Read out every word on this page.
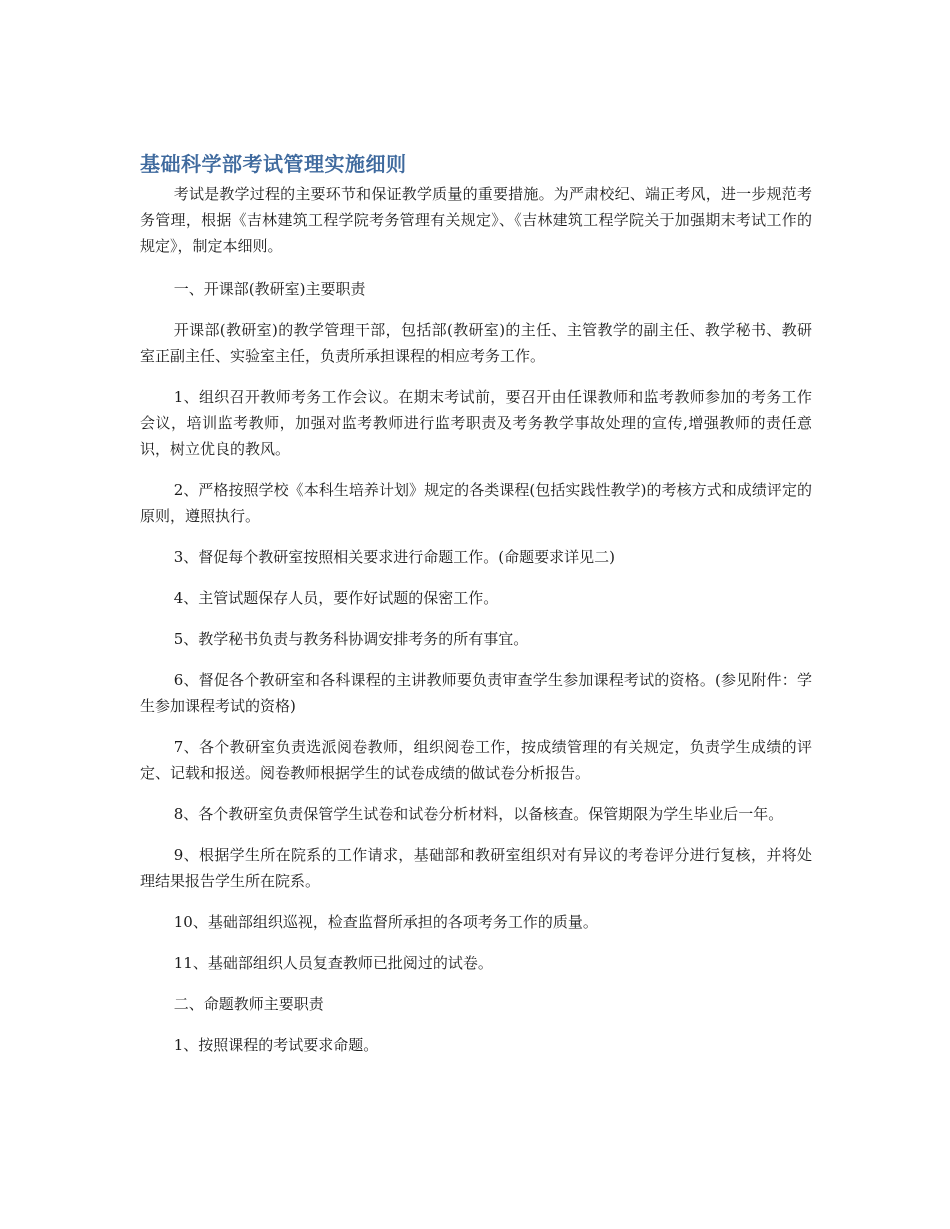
基础科学部考试管理实施细则

考试是教学过程的主要环节和保证教学质量的重要措施。为严肃校纪、端正考风，进一步规范考务管理，根据《吉林建筑工程学院考务管理有关规定》、《吉林建筑工程学院关于加强期末考试工作的规定》，制定本细则。

一、开课部(教研室)主要职责

开课部(教研室)的教学管理干部，包括部(教研室)的主任、主管教学的副主任、教学秘书、教研室正副主任、实验室主任，负责所承担课程的相应考务工作。

1、组织召开教师考务工作会议。在期末考试前，要召开由任课教师和监考教师参加的考务工作会议，培训监考教师，加强对监考教师进行监考职责及考务教学事故处理的宣传,增强教师的责任意识，树立优良的教风。

2、严格按照学校《本科生培养计划》规定的各类课程(包括实践性教学)的考核方式和成绩评定的原则，遵照执行。

3、督促每个教研室按照相关要求进行命题工作。(命题要求详见二)

4、主管试题保存人员，要作好试题的保密工作。

5、教学秘书负责与教务科协调安排考务的所有事宜。

6、督促各个教研室和各科课程的主讲教师要负责审查学生参加课程考试的资格。(参见附件：学生参加课程考试的资格)

7、各个教研室负责选派阅卷教师，组织阅卷工作，按成绩管理的有关规定，负责学生成绩的评定、记载和报送。阅卷教师根据学生的试卷成绩的做试卷分析报告。

8、各个教研室负责保管学生试卷和试卷分析材料，以备核查。保管期限为学生毕业后一年。

9、根据学生所在院系的工作请求，基础部和教研室组织对有异议的考卷评分进行复核，并将处理结果报告学生所在院系。

10、基础部组织巡视，检查监督所承担的各项考务工作的质量。

11、基础部组织人员复查教师已批阅过的试卷。

二、命题教师主要职责

1、按照课程的考试要求命题。
